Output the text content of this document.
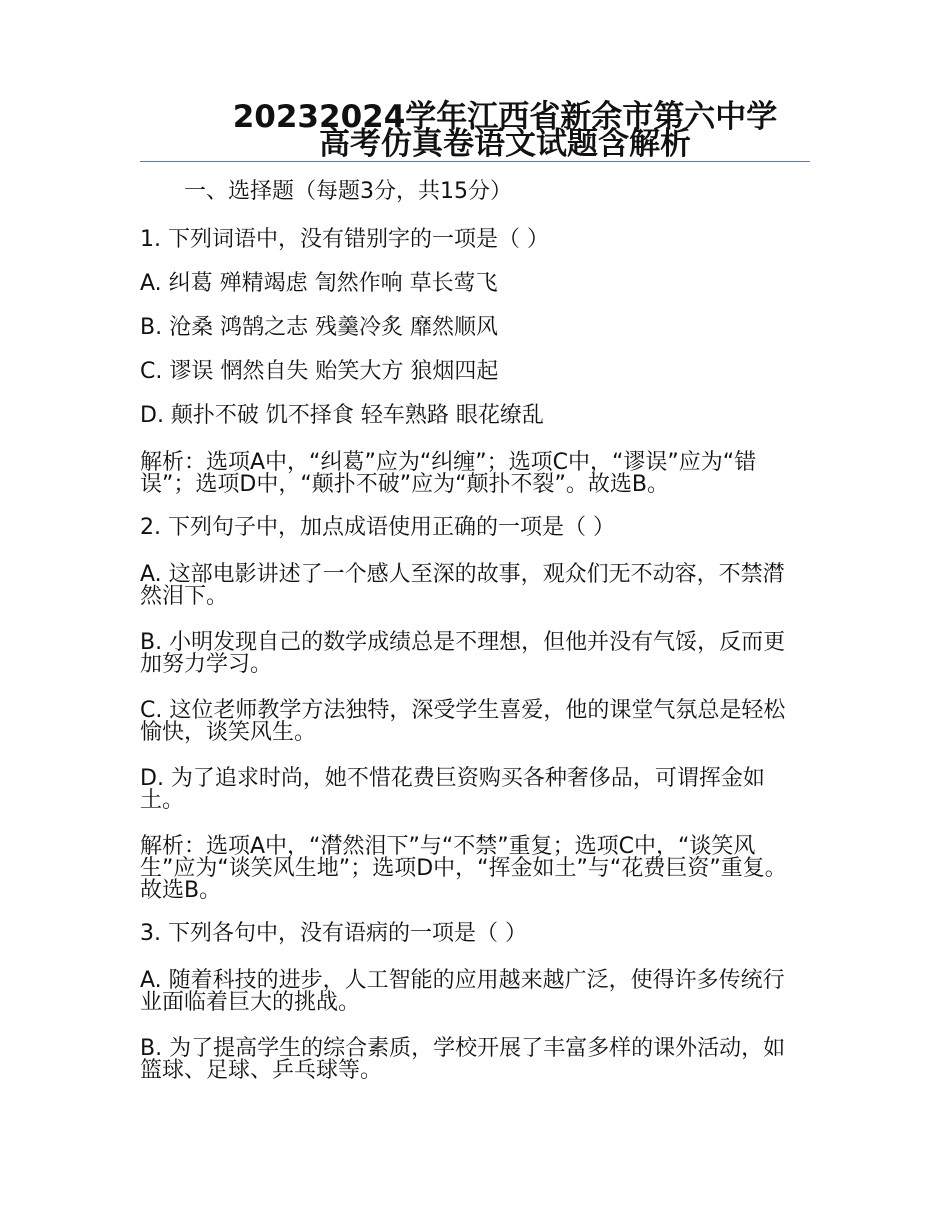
20232024学年江西省新余市第六中学
高考仿真卷语文试题含解析
一、选择题（每题3分，共15分）
1. 下列词语中，没有错别字的一项是（ ）
A. 纠葛 殚精竭虑 訇然作响 草长莺飞
B. 沧桑 鸿鹄之志 残羹冷炙 靡然顺风
C. 谬误 惘然自失 贻笑大方 狼烟四起
D. 颠扑不破 饥不择食 轻车熟路 眼花缭乱
解析：选项A中，“纠葛”应为“纠缠”；选项C中，“谬误”应为“错误”；选项D中，“颠扑不破”应为“颠扑不裂”。故选B。
2. 下列句子中，加点成语使用正确的一项是（ ）
A. 这部电影讲述了一个感人至深的故事，观众们无不动容，不禁潸然泪下。
B. 小明发现自己的数学成绩总是不理想，但他并没有气馁，反而更加努力学习。
C. 这位老师教学方法独特，深受学生喜爱，他的课堂气氛总是轻松愉快，谈笑风生。
D. 为了追求时尚，她不惜花费巨资购买各种奢侈品，可谓挥金如土。
解析：选项A中，“潸然泪下”与“不禁”重复；选项C中，“谈笑风生”应为“谈笑风生地”；选项D中，“挥金如土”与“花费巨资”重复。故选B。
3. 下列各句中，没有语病的一项是（ ）
A. 随着科技的进步，人工智能的应用越来越广泛，使得许多传统行业面临着巨大的挑战。
B. 为了提高学生的综合素质，学校开展了丰富多样的课外活动，如篮球、足球、乒乓球等。
